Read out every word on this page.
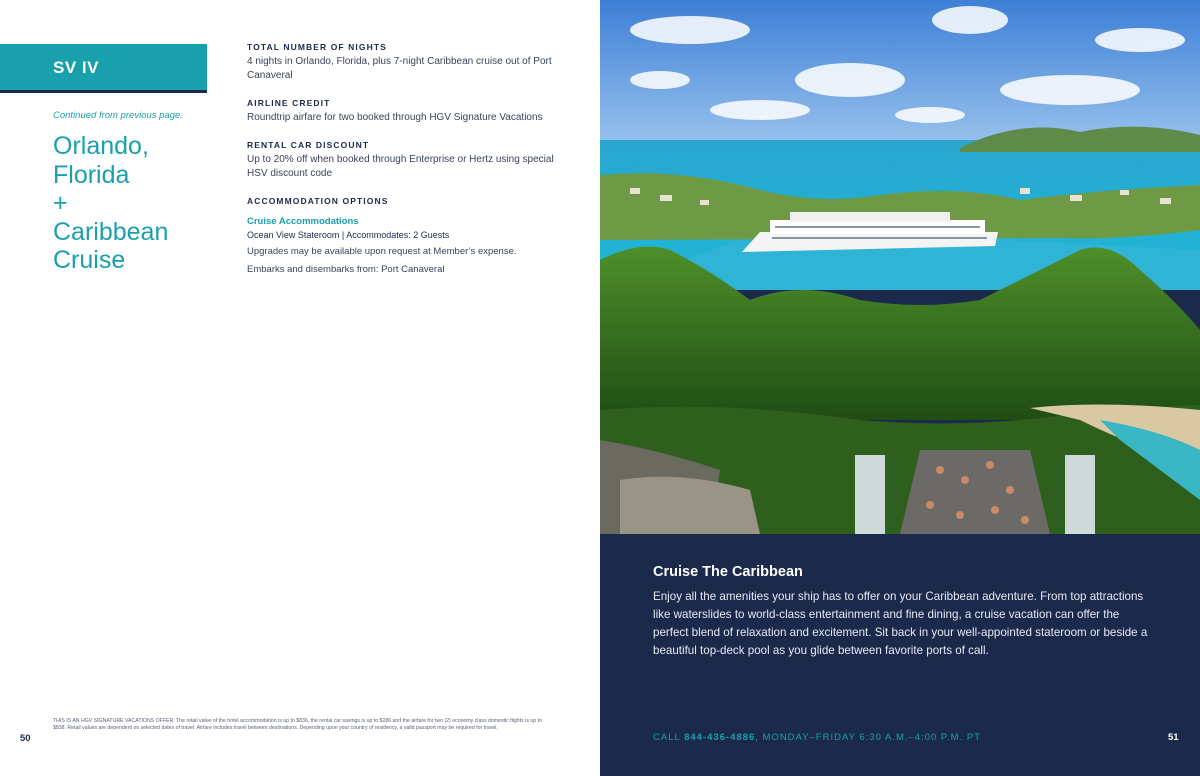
SV IV
Continued from previous page.
Orlando,
Florida
+
Caribbean
Cruise

TOTAL NUMBER OF NIGHTS

4 nights in Orlando, Florida, plus 7-night Caribbean cruise out of Port Canaveral

AIRLINE CREDIT

Roundtrip airfare for two booked through HGV Signature Vacations

RENTAL CAR DISCOUNT

Up to 20% off when booked through Enterprise or Hertz using special HSV discount code

ACCOMMODATION OPTIONS

Cruise Accommodations
Ocean View Stateroom | Accommodates: 2 Guests
Upgrades may be available upon request at Member’s expense.
Embarks and disembarks from: Port Canaveral
50
THIS IS AN HGV SIGNATURE VACATIONS OFFER. The retail value of the hotel accommodation is up to $836, the rental car savings is up to $286 and the airfare for two (2) economy class domestic flights is up to $838. Retail values are dependent on selected dates of travel. Airfare includes travel between destinations. Depending upon your country of residency, a valid passport may be required for travel.

Cruise The Caribbean

Enjoy all the amenities your ship has to offer on your Caribbean adventure. From top attractions like waterslides to world-class entertainment and fine dining, a cruise vacation can offer the perfect blend of relaxation and excitement. Sit back in your well-appointed stateroom or beside a beautiful top-deck pool as you glide between favorite ports of call.

CALL 844-436-4886, MONDAY–FRIDAY 6:30 A.M.–4:00 P.M. PT	51
